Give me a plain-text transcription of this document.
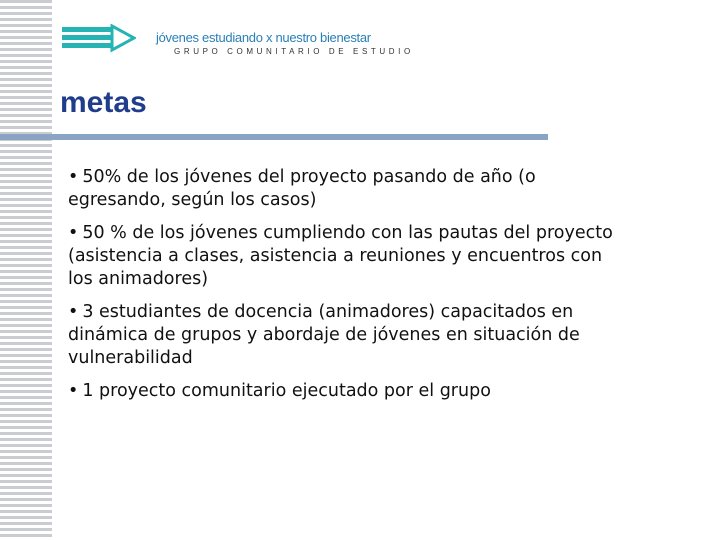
jóvenes estudiando x nuestro bienestar
GRUPO COMUNITARIO DE ESTUDIO
metas
• 50% de los jóvenes del proyecto pasando de año (o egresando, según los casos)
• 50 % de los jóvenes cumpliendo con las pautas del proyecto (asistencia a clases, asistencia a reuniones y encuentros con los animadores)
• 3 estudiantes de docencia (animadores) capacitados en dinámica de grupos y abordaje de jóvenes en situación de vulnerabilidad
• 1 proyecto comunitario ejecutado por el grupo
